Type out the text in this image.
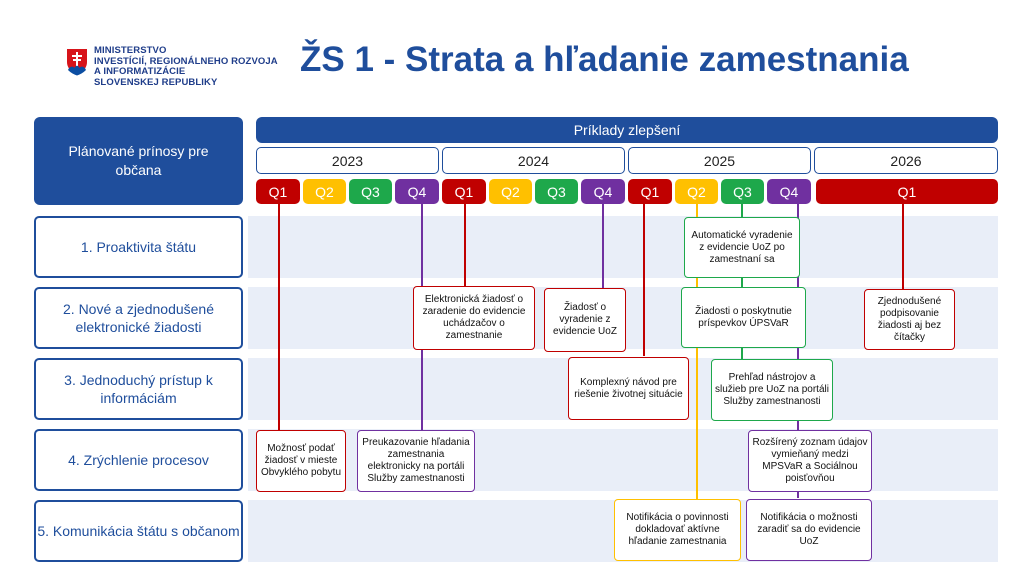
MINISTERSTVO
INVESTÍCIÍ, REGIONÁLNEHO ROZVOJA
A INFORMATIZÁCIE
SLOVENSKEJ REPUBLIKY
ŽS 1 - Strata a hľadanie zamestnania
Plánované prínosy pre občana
Príklady zlepšení
2023	2024	2025	2026
Q1	Q2	Q3	Q4	Q1	Q2	Q3	Q4	Q1	Q2	Q3	Q4	Q1
1. Proaktivita štátu
2. Nové a zjednodušené elektronické žiadosti
3. Jednoduchý prístup k informáciám
4. Zrýchlenie procesov
5. Komunikácia štátu s občanom
Možnosť podať žiadosť v mieste Obvyklého pobytu
Preukazovanie hľadania zamestnania elektronicky na portáli Služby zamestnanosti
Elektronická žiadosť o zaradenie do evidencie uchádzačov o zamestnanie
Žiadosť o vyradenie z evidencie UoZ
Komplexný návod pre riešenie životnej situácie
Notifikácia o povinnosti dokladovať aktívne hľadanie zamestnania
Automatické vyradenie z evidencie UoZ po zamestnaní sa
Žiadosti o poskytnutie príspevkov ÚPSVaR
Prehľad nástrojov a služieb pre UoZ na portáli Služby zamestnanosti
Rozšírený zoznam údajov vymieňaný medzi MPSVaR a Sociálnou poisťovňou
Notifikácia o možnosti zaradiť sa do evidencie UoZ
Zjednodušené podpisovanie žiadosti aj bez čítačky
